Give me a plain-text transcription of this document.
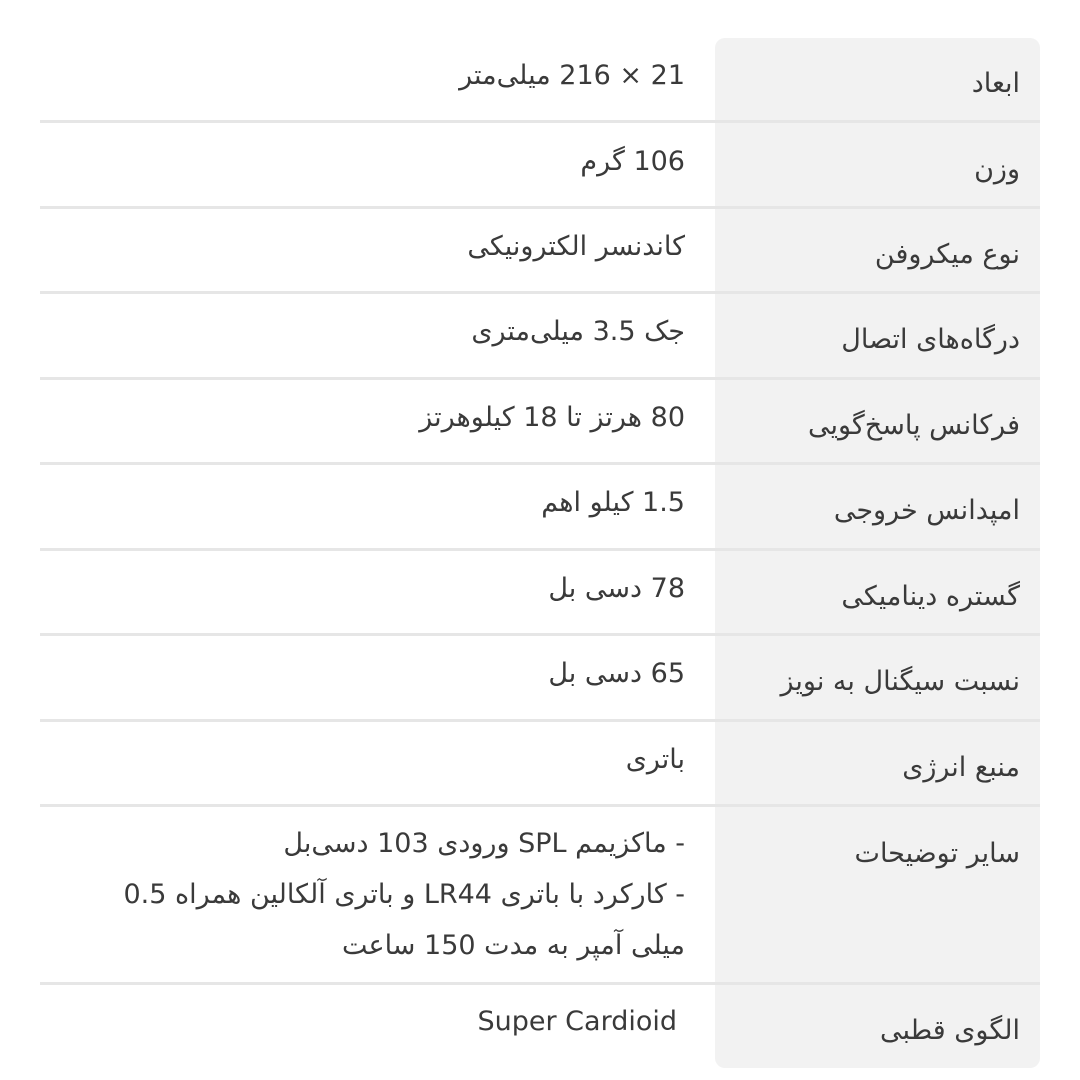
ابعاد
21 × 216 میلی‌متر
وزن
106 گرم
نوع میکروفن
کاندنسر الکترونیکی
درگاه‌های اتصال
جک 3.5 میلی‌متری
فرکانس پاسخ‌گویی
80 هرتز تا 18 کیلوهرتز
امپدانس خروجی
1.5 کیلو اهم
گستره دینامیکی
78 دسی بل
نسبت سیگنال به نویز
65 دسی بل
منبع انرژی
باتری
سایر توضیحات
- ماکزیمم SPL ورودی 103 دسی‌بل
- کارکرد با باتری LR44 و باتری آلکالین همراه 0.5
میلی آمپر به مدت 150 ساعت
الگوی قطبی
Super Cardioid
